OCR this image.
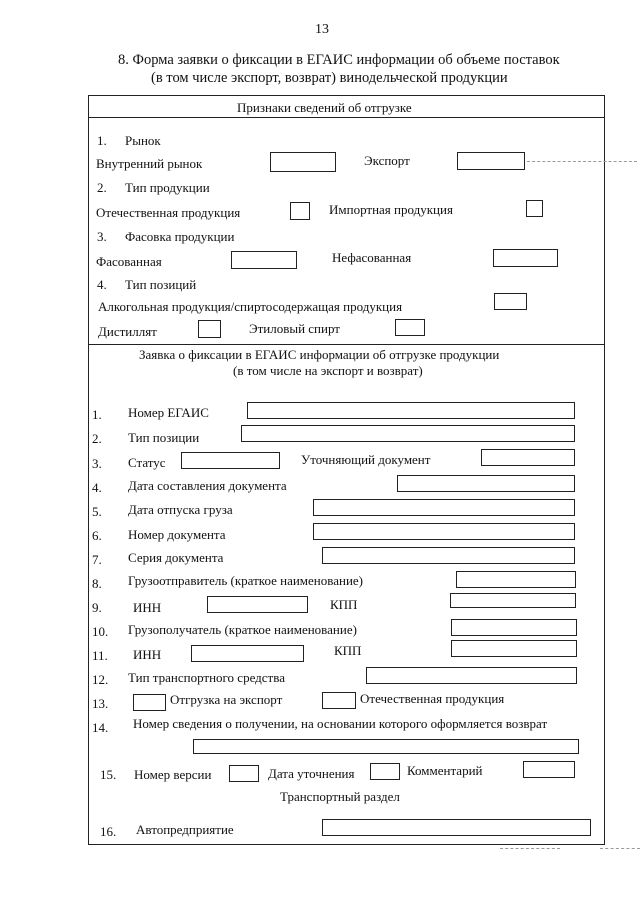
13
8. Форма заявки о фиксации в ЕГАИС информации об объеме поставок
(в том числе экспорт, возврат) винодельческой продукции
Признаки сведений об отгрузке
1. Рынок
Внутренний рынок	Экспорт
2. Тип продукции
Отечественная продукция	Импортная продукция
3. Фасовка продукции
Фасованная	Нефасованная
4. Тип позиций
Алкогольная продукция/спиртосодержащая продукция
Дистиллят	Этиловый спирт
Заявка о фиксации в ЕГАИС информации об отгрузке продукции
(в том числе на экспорт и возврат)
1. Номер ЕГАИС
2. Тип позиции
3. Статус	Уточняющий документ
4. Дата составления документа
5. Дата отпуска груза
6. Номер документа
7. Серия документа
8. Грузоотправитель (краткое наименование)
9. ИНН	КПП
10. Грузополучатель (краткое наименование)
11. ИНН	КПП
12. Тип транспортного средства
13.	Отгрузка на экспорт	Отечественная продукция
14. Номер сведения о получении, на основании которого оформляется возврат
15. Номер версии	Дата уточнения	Комментарий
Транспортный раздел
16. Автопредприятие
